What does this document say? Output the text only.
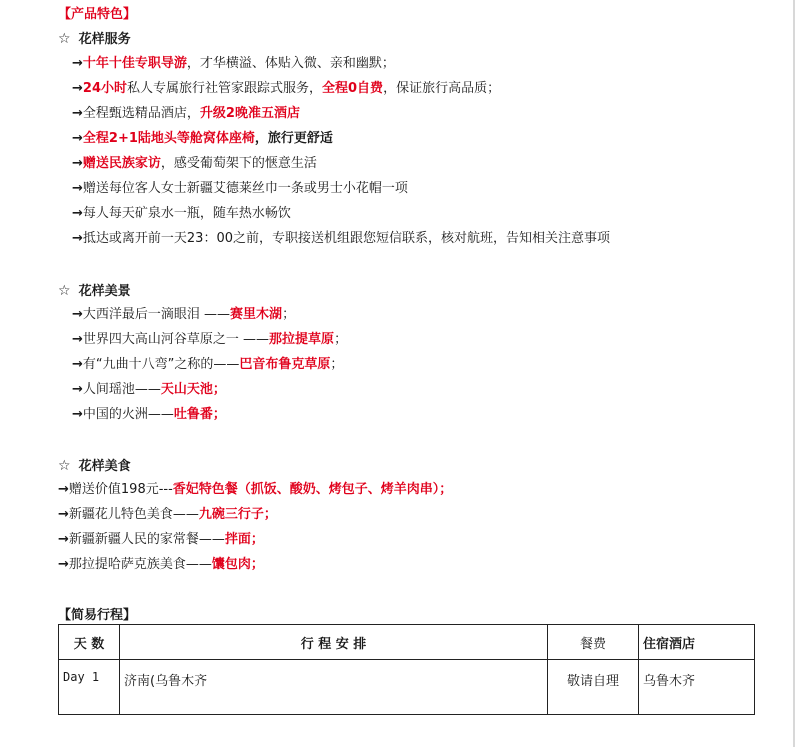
【产品特色】
☆ 花样服务
→十年十佳专职导游，才华横溢、体贴入微、亲和幽默；
→24小时私人专属旅行社管家跟踪式服务，全程0自费，保证旅行高品质；
→全程甄选精品酒店，升级2晚准五酒店
→全程2+1陆地头等舱窝体座椅，旅行更舒适
→赠送民族家访，感受葡萄架下的惬意生活
→赠送每位客人女士新疆艾德莱丝巾一条或男士小花帽一项
→每人每天矿泉水一瓶，随车热水畅饮
→抵达或离开前一天23：00之前，专职接送机组跟您短信联系，核对航班，告知相关注意事项
☆ 花样美景
→大西洋最后一滴眼泪 ——赛里木湖；
→世界四大高山河谷草原之一 ——那拉提草原；
→有“九曲十八弯”之称的——巴音布鲁克草原；
→人间瑶池——天山天池；
→中国的火洲——吐鲁番；
☆ 花样美食
→赠送价值198元---香妃特色餐（抓饭、酸奶、烤包子、烤羊肉串）；
→新疆花儿特色美食——九碗三行子；
→新疆新疆人民的家常餐——拌面；
→那拉提哈萨克族美食——馕包肉；
【简易行程】
天 数	行 程 安 排	餐费	住宿酒店
Day 1	济南(乌鲁木齐	敬请自理	乌鲁木齐
